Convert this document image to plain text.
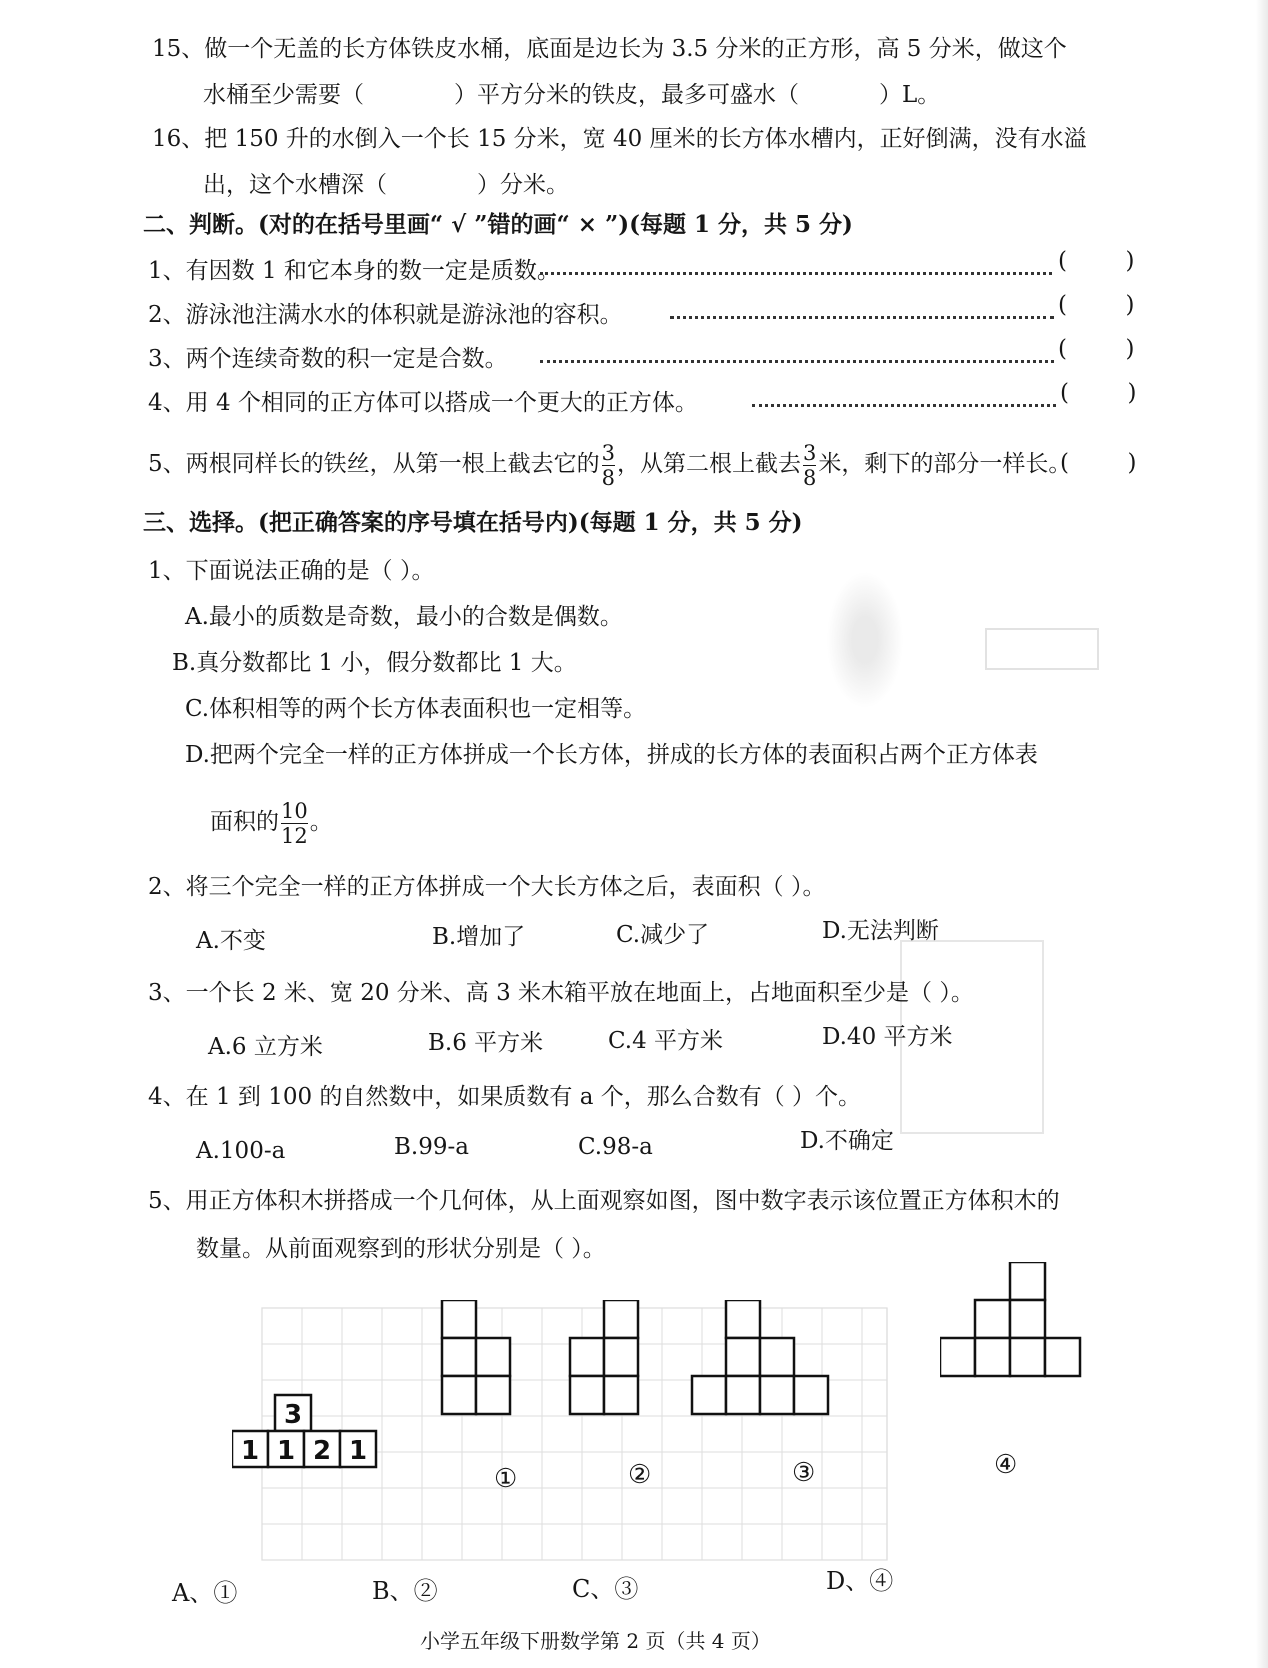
15、做一个无盖的长方体铁皮水桶，底面是边长为 3.5 分米的正方形，高 5 分米，做这个
水桶至少需要（	）平方分米的铁皮，最多可盛水（	）L。
16、把 150 升的水倒入一个长 15 分米，宽 40 厘米的长方体水槽内，正好倒满，没有水溢
出，这个水槽深（	）分米。
二、判断。(对的在括号里画“ √ ”错的画“ × ”)(每题 1 分，共 5 分)
1、有因数 1 和它本身的数一定是质数。	(        )
2、游泳池注满水水的体积就是游泳池的容积。	(        )
3、两个连续奇数的积一定是合数。	(        )
4、用 4 个相同的正方体可以搭成一个更大的正方体。	(        )
5、两根同样长的铁丝，从第一根上截去它的 $\frac{3}{8}$ ，从第二根上截去 $\frac{3}{8}$ 米，剩下的部分一样长。
(        )
三、选择。(把正确答案的序号填在括号内)(每题 1 分，共 5 分)
1、下面说法正确的是（ ）。
A.最小的质数是奇数，最小的合数是偶数。
B.真分数都比 1 小，假分数都比 1 大。
C.体积相等的两个长方体表面积也一定相等。
D.把两个完全一样的正方体拼成一个长方体，拼成的长方体的表面积占两个正方体表
面积的 $\frac{10}{12}$ 。
2、将三个完全一样的正方体拼成一个大长方体之后，表面积（ ）。
A.不变	B.增加了	C.减少了	D.无法判断
3、一个长 2 米、宽 20 分米、高 3 米木箱平放在地面上，占地面积至少是（ ）。
A.6 立方米	B.6 平方米	C.4 平方米	D.40 平方米
4、在 1 到 100 的自然数中，如果质数有 a 个，那么合数有（ ）个。
A.100-a	B.99-a	C.98-a	D.不确定
5、用正方体积木拼搭成一个几何体，从上面观察如图，图中数字表示该位置正方体积木的
数量。从前面观察到的形状分别是（ ）。
3
1 1 2 1
①	②	③	④
A、①	B、②	C、③	D、④
小学五年级下册数学第 2 页（共 4 页）
